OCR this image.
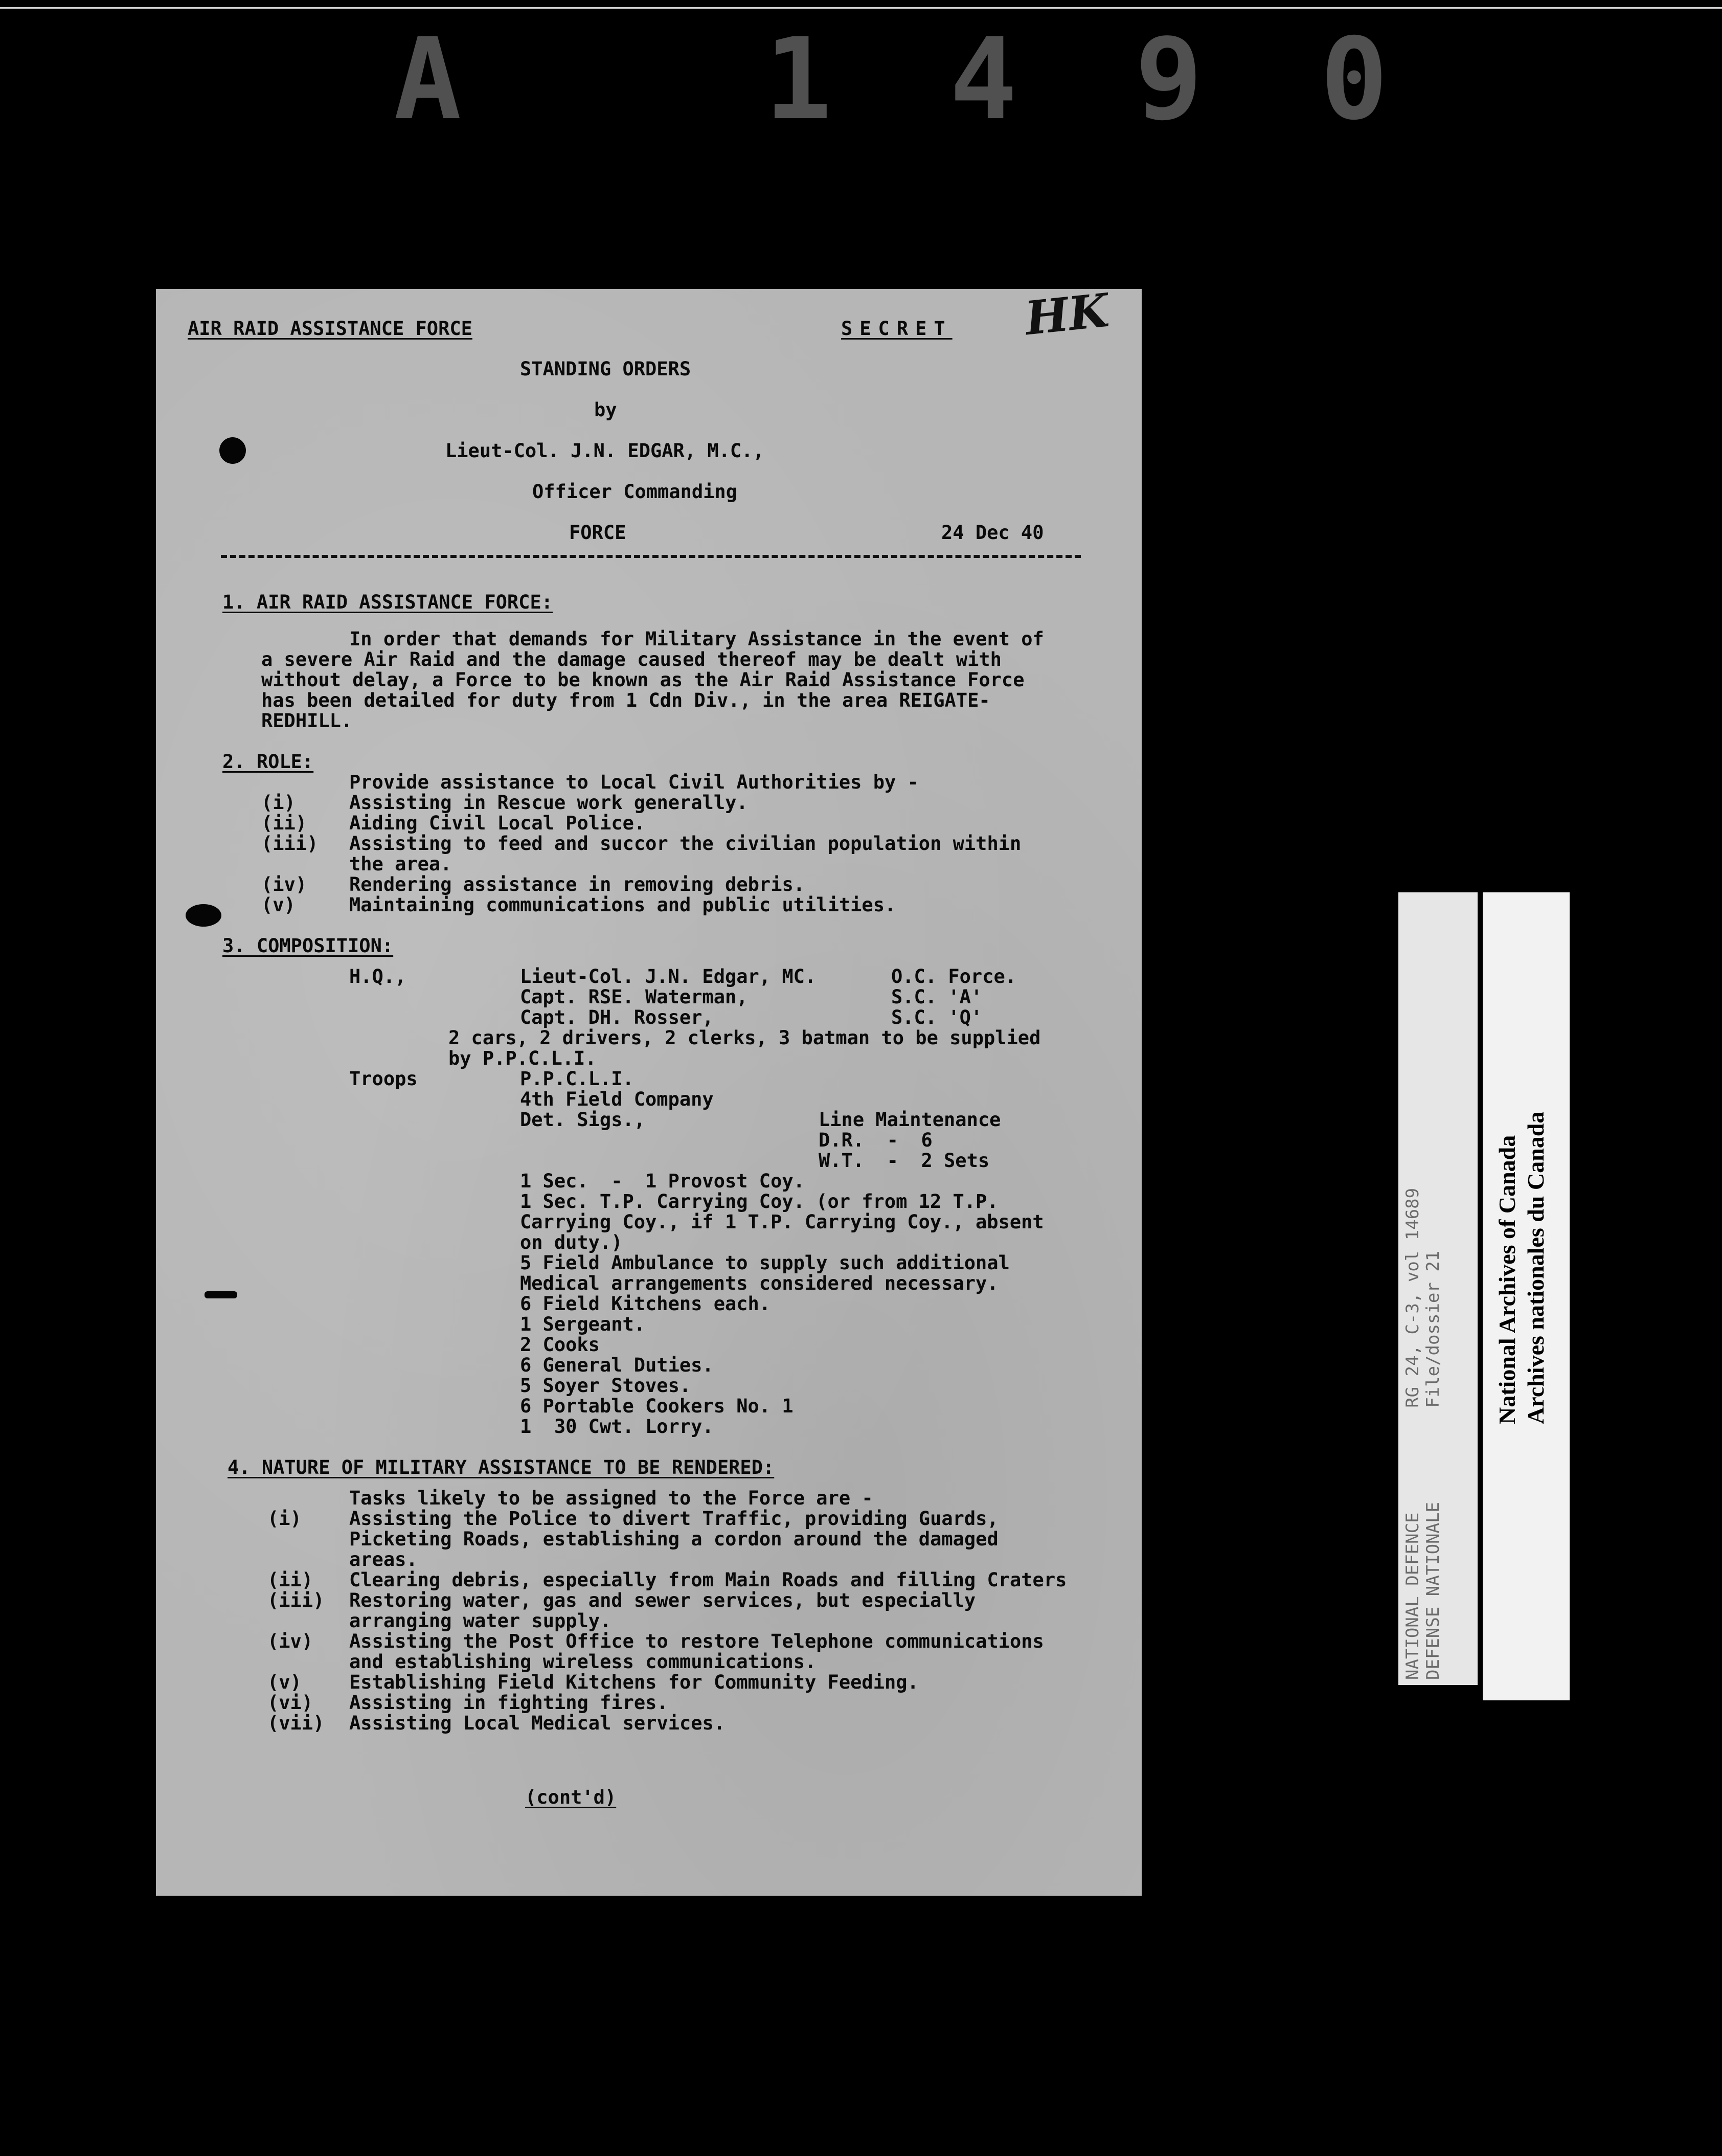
A 1490
AIR RAID ASSISTANCE FORCE	SECRET HK
STANDING ORDERS
by
Lieut-Col. J.N. EDGAR, M.C.,
Officer Commanding
FORCE	24 Dec 40
1. AIR RAID ASSISTANCE FORCE:
In order that demands for Military Assistance in the event of
a severe Air Raid and the damage caused thereof may be dealt with
without delay, a Force to be known as the Air Raid Assistance Force
has been detailed for duty from 1 Cdn Div., in the area REIGATE-
REDHILL.
2. ROLE:
Provide assistance to Local Civil Authorities by -
(i)	Assisting in Rescue work generally.
(ii) Aiding Civil Local Police.
(iii) Assisting to feed and succor the civilian population within
the area.
(iv) Rendering assistance in removing debris.
(v)	Maintaining communications and public utilities.
3. COMPOSITION:
H.Q.,	Lieut-Col. J.N. Edgar, MC.	O.C. Force.
Capt. RSE. Waterman,	S.C. 'A'
Capt. DH. Rosser,	S.C. 'Q'
2 cars, 2 drivers, 2 clerks, 3 batman to be supplied
by P.P.C.L.I.
Troops	P.P.C.L.I.
4th Field Company
Det. Sigs.,	Line Maintenance
D.R.  -  6
W.T.  -  2 Sets
1 Sec.  -  1 Provost Coy.
1 Sec. T.P. Carrying Coy. (or from 12 T.P.
Carrying Coy., if 1 T.P. Carrying Coy., absent
on duty.)
5 Field Ambulance to supply such additional
Medical arrangements considered necessary.
6 Field Kitchens each.
1 Sergeant.
2 Cooks
6 General Duties.
5 Soyer Stoves.
6 Portable Cookers No. 1
1  30 Cwt. Lorry.
4. NATURE OF MILITARY ASSISTANCE TO BE RENDERED:
Tasks likely to be assigned to the Force are -
(i)	Assisting the Police to divert Traffic, providing Guards,
Picketing Roads, establishing a cordon around the damaged
areas.
(ii) Clearing debris, especially from Main Roads and filling Craters
(iii) Restoring water, gas and sewer services, but especially
arranging water supply.
(iv) Assisting the Post Office to restore Telephone communications
and establishing wireless communications.
(v)	Establishing Field Kitchens for Community Feeding.
(vi) Assisting in fighting fires.
(vii) Assisting Local Medical services.
(cont'd)
NATIONAL DEFENCE          RG 24, C-3, vol 14689 DEFENSE NATIONALE         File/dossier 21 National Archives of Canada Archives nationales du Canada
